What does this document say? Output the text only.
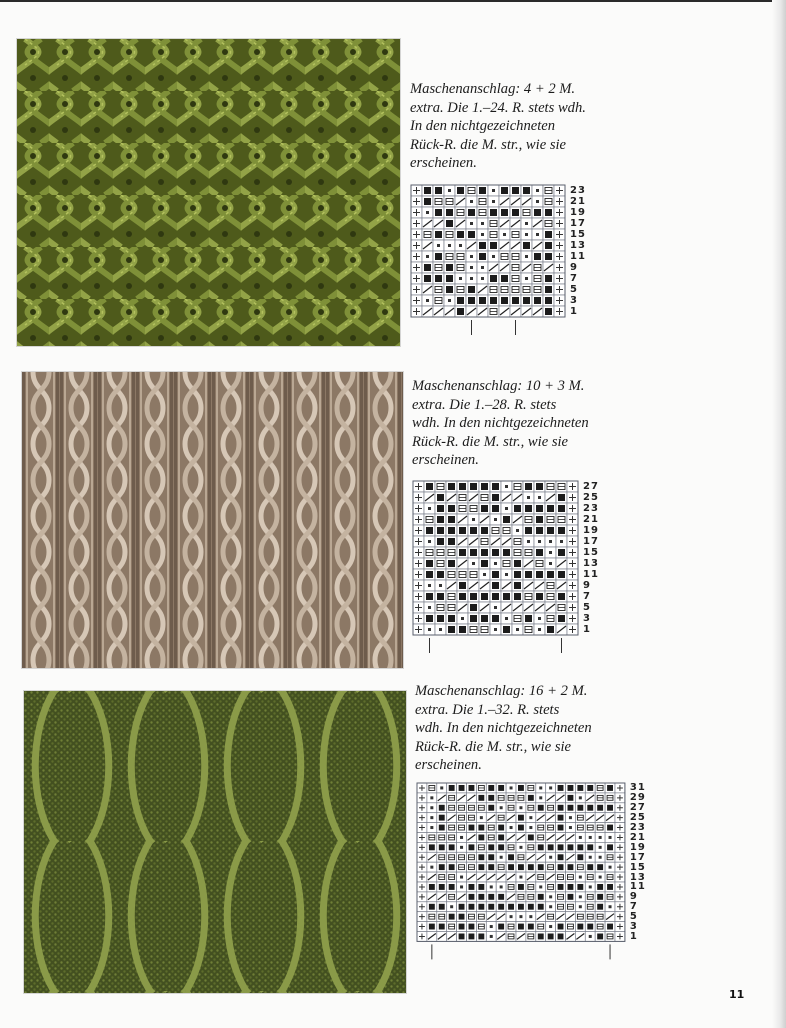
Maschenanschlag: 4 + 2 M.
extra. Die 1.–24. R. stets wdh.
In den nichtgezeichneten
Rück-R. die M. str., wie sie
erscheinen.
Maschenanschlag: 10 + 3 M.
extra. Die 1.–28. R. stets
wdh. In den nichtgezeichneten
Rück-R. die M. str., wie sie
erscheinen.
Maschenanschlag: 16 + 2 M.
extra. Die 1.–32. R. stets
wdh. In den nichtgezeichneten
Rück-R. die M. str., wie sie
erscheinen.
23
21
19
17
15
13
11
9
7
5
3
1
27
25
23
21
19
17
15
13
11
9
7
5
3
1
31
29
27
25
23
21
19
17
15
13
11
9
7
5
3
1
11
